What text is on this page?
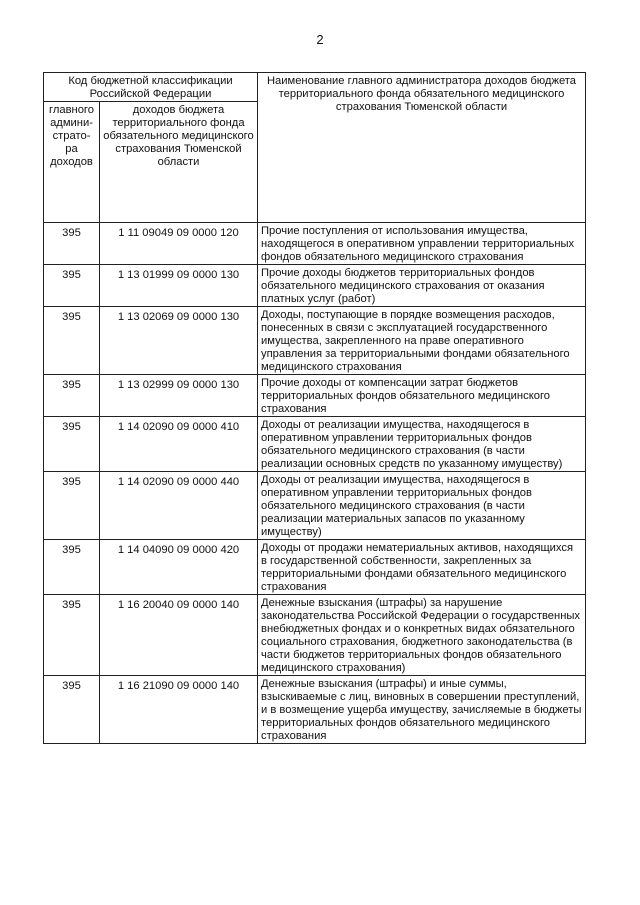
2
Код бюджетной классификации Российской Федерации		Наименование главного администратора доходов бюджета территориального фонда обязательного медицинского страхования Тюменской области
главного админи-страто-ра доходов	доходов бюджета территориального фонда обязательного медицинского страхования Тюменской области	
395	1 11 09049 09 0000 120	Прочие поступления от использования имущества, находящегося в оперативном управлении территориальных фондов обязательного медицинского страхования
395	1 13 01999 09 0000 130	Прочие доходы бюджетов территориальных фондов обязательного медицинского страхования от оказания платных услуг (работ)
395	1 13 02069 09 0000 130	Доходы, поступающие в порядке возмещения расходов, понесенных в связи с эксплуатацией государственного имущества, закрепленного на праве оперативного управления за территориальными фондами обязательного медицинского страхования
395	1 13 02999 09 0000 130	Прочие доходы от компенсации затрат бюджетов территориальных фондов обязательного медицинского страхования
395	1 14 02090 09 0000 410	Доходы от реализации имущества, находящегося в оперативном управлении территориальных фондов обязательного медицинского страхования (в части реализации основных средств по указанному имуществу)
395	1 14 02090 09 0000 440	Доходы от реализации имущества, находящегося в оперативном управлении территориальных фондов обязательного медицинского страхования (в части реализации материальных запасов по указанному имуществу)
395	1 14 04090 09 0000 420	Доходы от продажи нематериальных активов, находящихся в государственной собственности, закрепленных за территориальными фондами обязательного медицинского страхования
395	1 16 20040 09 0000 140	Денежные взыскания (штрафы) за нарушение законодательства Российской Федерации о государственных внебюджетных фондах и о конкретных видах обязательного социального страхования, бюджетного законодательства (в части бюджетов территориальных фондов обязательного медицинского страхования)
395	1 16 21090 09 0000 140	Денежные взыскания (штрафы) и иные суммы, взыскиваемые с лиц, виновных в совершении преступлений, и в возмещение ущерба имуществу, зачисляемые в бюджеты территориальных фондов обязательного медицинского страхования
